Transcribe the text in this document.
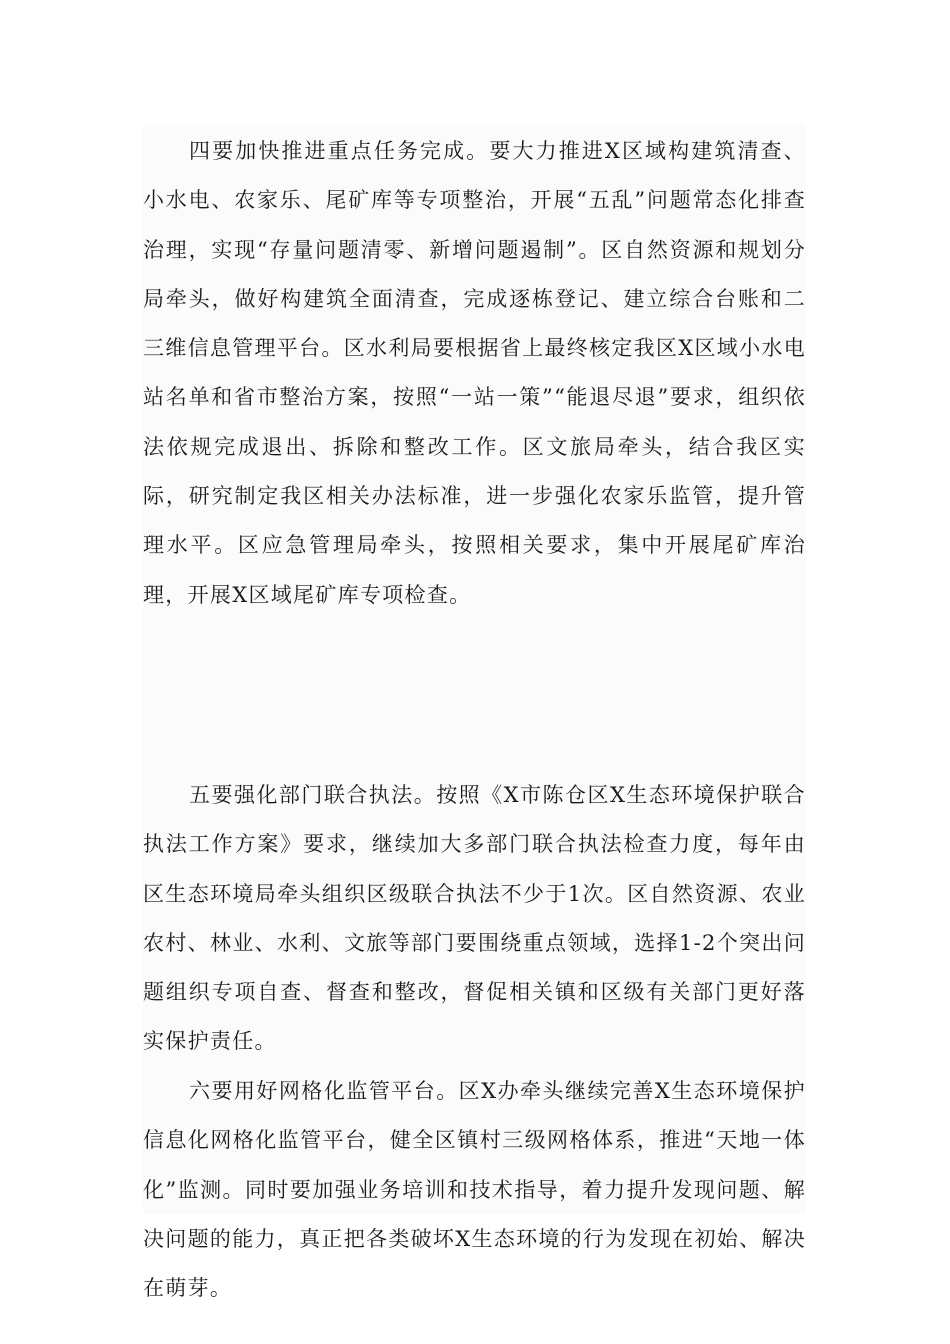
四要加快推进重点任务完成。要大力推进X区域构建筑清查、小水电、农家乐、尾矿库等专项整治，开展“五乱”问题常态化排查治理，实现“存量问题清零、新增问题遏制”。区自然资源和规划分局牵头，做好构建筑全面清查，完成逐栋登记、建立综合台账和二三维信息管理平台。区水利局要根据省上最终核定我区X区域小水电站名单和省市整治方案，按照“一站一策”“能退尽退”要求，组织依法依规完成退出、拆除和整改工作。区文旅局牵头，结合我区实际，研究制定我区相关办法标准，进一步强化农家乐监管，提升管理水平。区应急管理局牵头，按照相关要求，集中开展尾矿库治理，开展X区域尾矿库专项检查。

五要强化部门联合执法。按照《X市陈仓区X生态环境保护联合执法工作方案》要求，继续加大多部门联合执法检查力度，每年由区生态环境局牵头组织区级联合执法不少于1次。区自然资源、农业农村、林业、水利、文旅等部门要围绕重点领域，选择1-2个突出问题组织专项自查、督查和整改，督促相关镇和区级有关部门更好落实保护责任。

六要用好网格化监管平台。区X办牵头继续完善X生态环境保护信息化网格化监管平台，健全区镇村三级网格体系，推进“天地一体化”监测。同时要加强业务培训和技术指导，着力提升发现问题、解决问题的能力，真正把各类破坏X生态环境的行为发现在初始、解决在萌芽。
